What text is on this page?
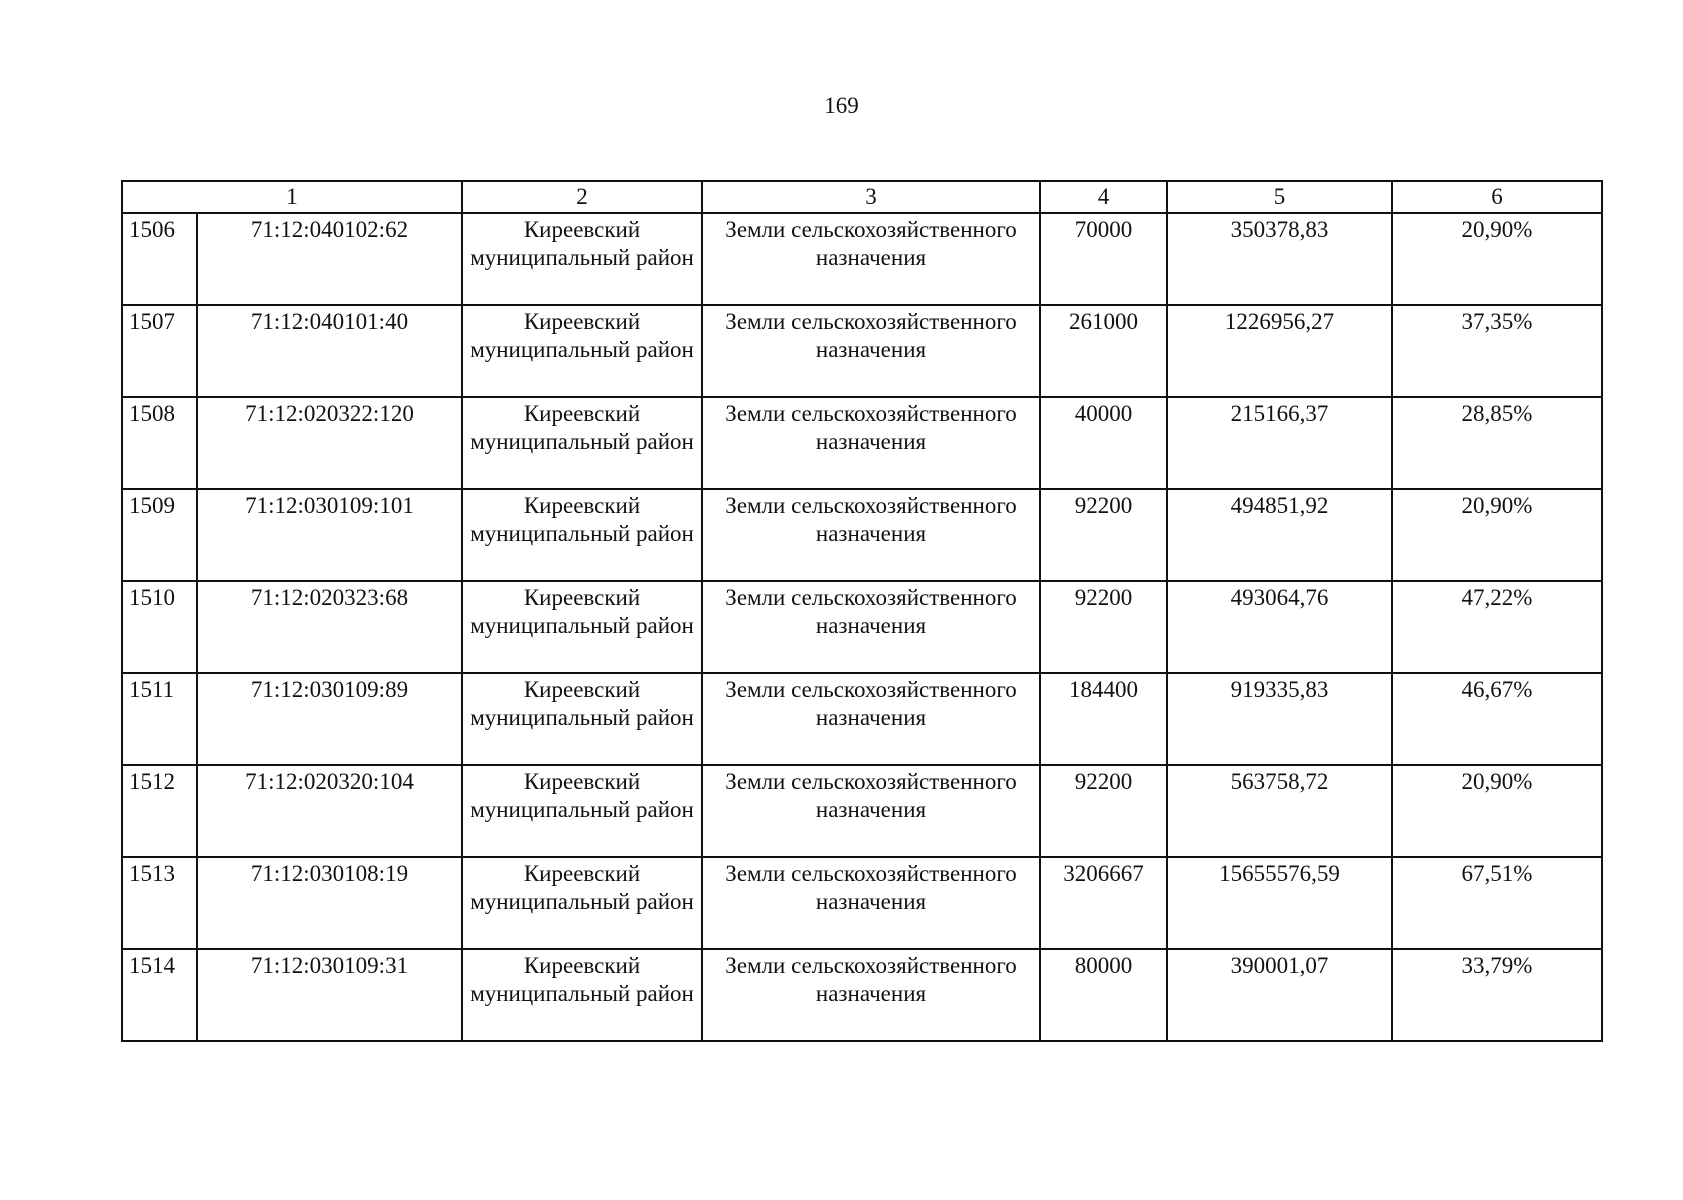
169
1		2	3	4	5	6
1506	71:12:040102:62	Киреевский муниципальный район	Земли сельскохозяйственного назначения	70000	350378,83	20,90%
1507	71:12:040101:40	Киреевский муниципальный район	Земли сельскохозяйственного назначения	261000	1226956,27	37,35%
1508	71:12:020322:120	Киреевский муниципальный район	Земли сельскохозяйственного назначения	40000	215166,37	28,85%
1509	71:12:030109:101	Киреевский муниципальный район	Земли сельскохозяйственного назначения	92200	494851,92	20,90%
1510	71:12:020323:68	Киреевский муниципальный район	Земли сельскохозяйственного назначения	92200	493064,76	47,22%
1511	71:12:030109:89	Киреевский муниципальный район	Земли сельскохозяйственного назначения	184400	919335,83	46,67%
1512	71:12:020320:104	Киреевский муниципальный район	Земли сельскохозяйственного назначения	92200	563758,72	20,90%
1513	71:12:030108:19	Киреевский муниципальный район	Земли сельскохозяйственного назначения	3206667	15655576,59	67,51%
1514	71:12:030109:31	Киреевский муниципальный район	Земли сельскохозяйственного назначения	80000	390001,07	33,79%
